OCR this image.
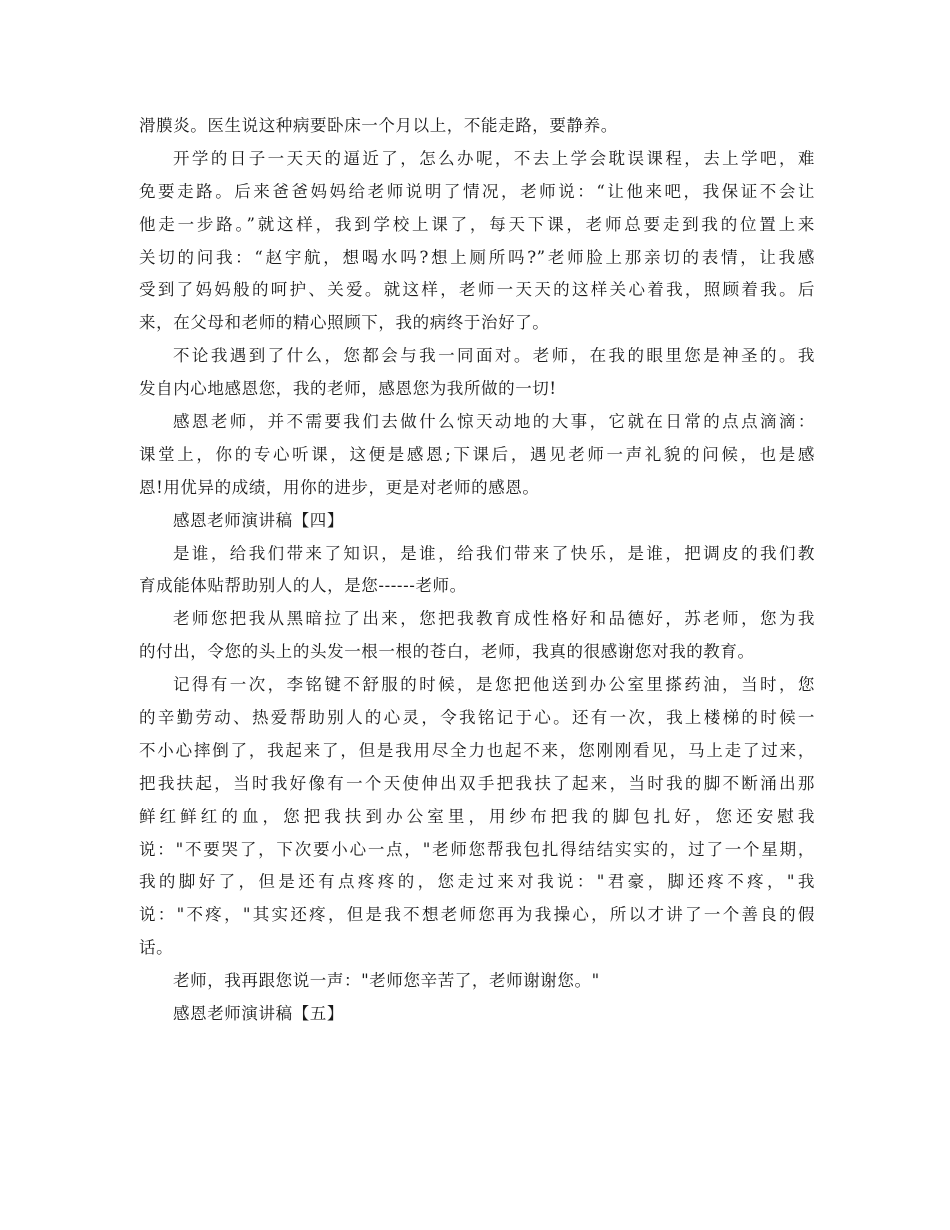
滑膜炎。医生说这种病要卧床一个月以上，不能走路，要静养。
开学的日子一天天的逼近了，怎么办呢，不去上学会耽误课程，去上学吧，难
免要走路。后来爸爸妈妈给老师说明了情况，老师说：“让他来吧，我保证不会让
他走一步路。”就这样，我到学校上课了，每天下课，老师总要走到我的位置上来
关切的问我：“赵宇航，想喝水吗?想上厕所吗?”老师脸上那亲切的表情，让我感
受到了妈妈般的呵护、关爱。就这样，老师一天天的这样关心着我，照顾着我。后
来，在父母和老师的精心照顾下，我的病终于治好了。
不论我遇到了什么，您都会与我一同面对。老师，在我的眼里您是神圣的。我
发自内心地感恩您，我的老师，感恩您为我所做的一切!
感恩老师，并不需要我们去做什么惊天动地的大事，它就在日常的点点滴滴：
课堂上，你的专心听课，这便是感恩;下课后，遇见老师一声礼貌的问候，也是感
恩!用优异的成绩，用你的进步，更是对老师的感恩。
感恩老师演讲稿【四】
是谁，给我们带来了知识，是谁，给我们带来了快乐，是谁，把调皮的我们教
育成能体贴帮助别人的人，是您------老师。
老师您把我从黑暗拉了出来，您把我教育成性格好和品德好，苏老师，您为我
的付出，令您的头上的头发一根一根的苍白，老师，我真的很感谢您对我的教育。
记得有一次，李铭键不舒服的时候，是您把他送到办公室里搽药油，当时，您
的辛勤劳动、热爱帮助别人的心灵，令我铭记于心。还有一次，我上楼梯的时候一
不小心摔倒了，我起来了，但是我用尽全力也起不来，您刚刚看见，马上走了过来，
把我扶起，当时我好像有一个天使伸出双手把我扶了起来，当时我的脚不断涌出那
鲜红鲜红的血，您把我扶到办公室里，用纱布把我的脚包扎好，您还安慰我
说："不要哭了，下次要小心一点，"老师您帮我包扎得结结实实的，过了一个星期，
我的脚好了，但是还有点疼疼的，您走过来对我说："君豪，脚还疼不疼，"我
说："不疼，"其实还疼，但是我不想老师您再为我操心，所以才讲了一个善良的假
话。
老师，我再跟您说一声："老师您辛苦了，老师谢谢您。"
感恩老师演讲稿【五】
